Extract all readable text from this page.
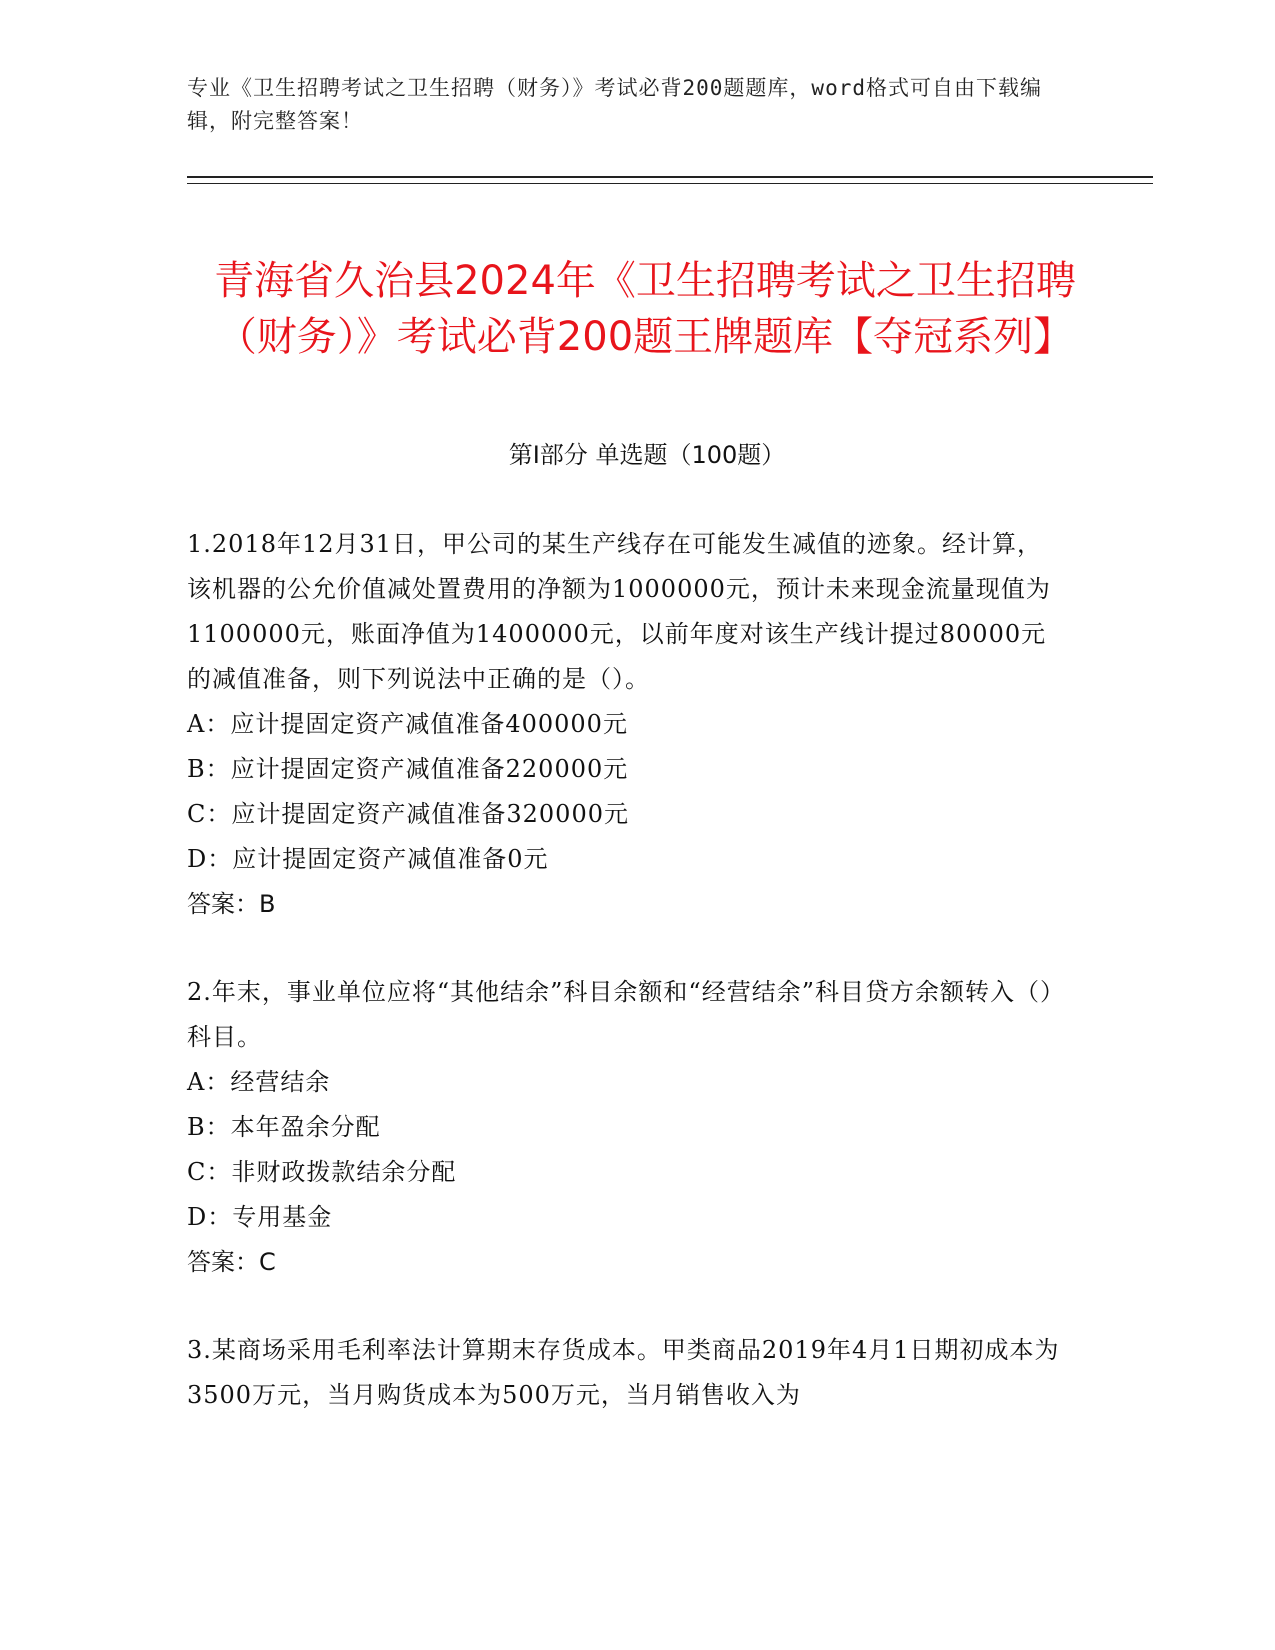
专业《卫生招聘考试之卫生招聘（财务）》考试必背200题题库，word格式可自由下载编辑，附完整答案！
青海省久治县2024年《卫生招聘考试之卫生招聘（财务）》考试必背200题王牌题库【夺冠系列】
第I部分 单选题（100题）
1.2018年12月31日，甲公司的某生产线存在可能发生减值的迹象。经计算，该机器的公允价值减处置费用的净额为1000000元，预计未来现金流量现值为1100000元，账面净值为1400000元，以前年度对该生产线计提过80000元的减值准备，则下列说法中正确的是（）。
A：应计提固定资产减值准备400000元
B：应计提固定资产减值准备220000元
C：应计提固定资产减值准备320000元
D：应计提固定资产减值准备0元
答案：B
2.年末，事业单位应将“其他结余”科目余额和“经营结余”科目贷方余额转入（）科目。
A：经营结余
B：本年盈余分配
C：非财政拨款结余分配
D：专用基金
答案：C
3.某商场采用毛利率法计算期末存货成本。甲类商品2019年4月1日期初成本为3500万元，当月购货成本为500万元，当月销售收入为
